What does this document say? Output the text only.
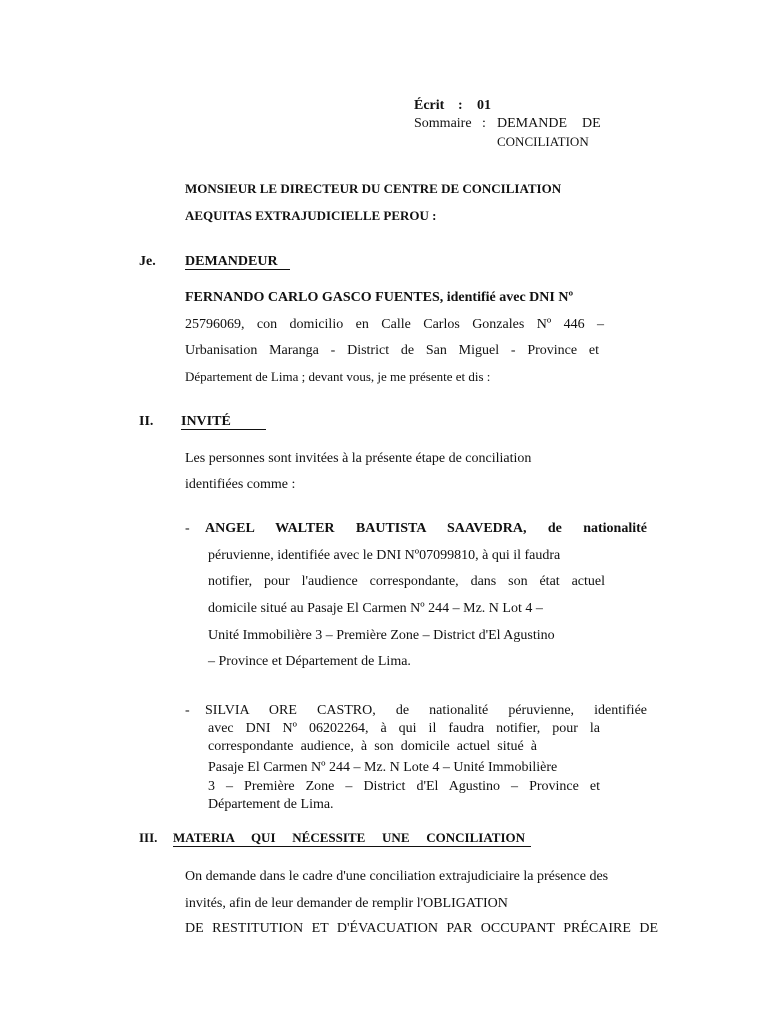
Écrit : 01
Sommaire : DEMANDE DE
CONCILIATION
MONSIEUR LE DIRECTEUR DU CENTRE DE CONCILIATION
AEQUITAS EXTRAJUDICIELLE PEROU :
Je. DEMANDEUR
FERNANDO CARLO GASCO FUENTES, identifié avec DNI Nº
25796069, con domicilio en Calle Carlos Gonzales Nº 446 –
Urbanisation Maranga - District de San Miguel - Province et
Département de Lima ; devant vous, je me présente et dis :
II. INVITÉ
Les personnes sont invitées à la présente étape de conciliation
identifiées comme :
- ANGEL WALTER BAUTISTA SAAVEDRA, de nationalité
péruvienne, identifiée avec le DNI Nº07099810, à qui il faudra
notifier, pour l'audience correspondante, dans son état actuel
domicile situé au Pasaje El Carmen Nº 244 – Mz. N Lot 4 –
Unité Immobilière 3 – Première Zone – District d'El Agustino
– Province et Département de Lima.
- SILVIA ORE CASTRO, de nationalité péruvienne, identifiée
avec DNI Nº 06202264, à qui il faudra notifier, pour la
correspondante audience, à son domicile actuel situé à
Pasaje El Carmen Nº 244 – Mz. N Lote 4 – Unité Immobilière
3 – Première Zone – District d'El Agustino – Province et
Département de Lima.
III. MATERIA QUI NÉCESSITE UNE CONCILIATION
On demande dans le cadre d'une conciliation extrajudiciaire la présence des
invités, afin de leur demander de remplir l'OBLIGATION
DE RESTITUTION ET D'ÉVACUATION PAR OCCUPANT PRÉCAIRE DE
